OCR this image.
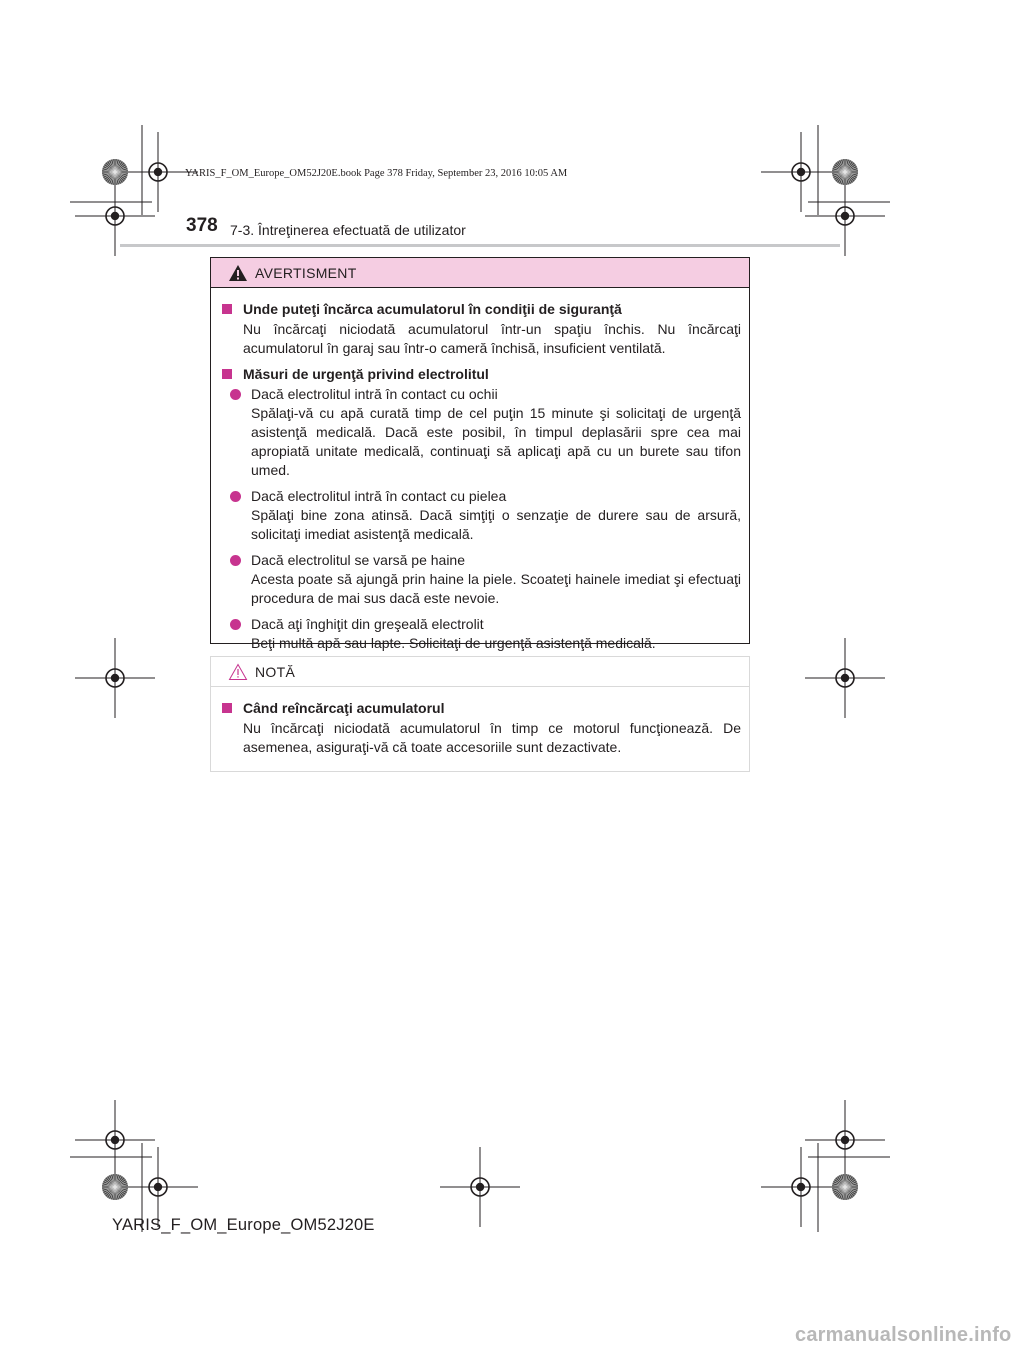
YARIS_F_OM_Europe_OM52J20E.book Page 378 Friday, September 23, 2016 10:05 AM
378 7-3. Întreţinerea efectuată de utilizator
AVERTISMENT
Unde puteţi încărca acumulatorul în condiţii de siguranţă
Nu încărcaţi niciodată acumulatorul într-un spaţiu închis. Nu încărcaţi acumulatorul în garaj sau într-o cameră închisă, insuficient ventilată.
Măsuri de urgenţă privind electrolitul
Dacă electrolitul intră în contact cu ochii
Spălaţi-vă cu apă curată timp de cel puţin 15 minute şi solicitaţi de urgenţă asistenţă medicală. Dacă este posibil, în timpul deplasării spre cea mai apropiată unitate medicală, continuaţi să aplicaţi apă cu un burete sau tifon umed.
Dacă electrolitul intră în contact cu pielea
Spălaţi bine zona atinsă. Dacă simţiţi o senzaţie de durere sau de arsură, solicitaţi imediat asistenţă medicală.
Dacă electrolitul se varsă pe haine
Acesta poate să ajungă prin haine la piele. Scoateţi hainele imediat şi efectuaţi procedura de mai sus dacă este nevoie.
Dacă aţi înghiţit din greşeală electrolit
Beţi multă apă sau lapte. Solicitaţi de urgenţă asistenţă medicală.
NOTĂ
Când reîncărcaţi acumulatorul
Nu încărcaţi niciodată acumulatorul în timp ce motorul funcţionează. De asemenea, asiguraţi-vă că toate accesoriile sunt dezactivate.
YARIS_F_OM_Europe_OM52J20E
carmanualsonline.info
